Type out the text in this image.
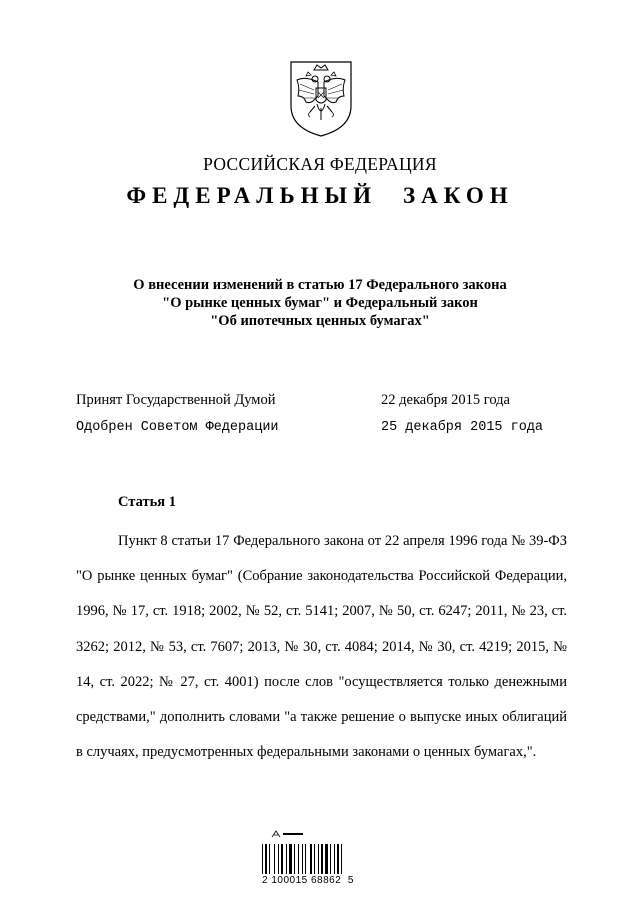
РОССИЙСКАЯ ФЕДЕРАЦИЯ
ФЕДЕРАЛЬНЫЙ ЗАКОН
О внесении изменений в статью 17 Федерального закона
"О рынке ценных бумаг" и Федеральный закон
"Об ипотечных ценных бумагах"
Принят Государственной Думой	22 декабря 2015 года
Одобрен Советом Федерации	25 декабря 2015 года
Статья 1

Пункт 8 статьи 17 Федерального закона от 22 апреля 1996 года № 39-ФЗ "О рынке ценных бумаг" (Собрание законодательства Российской Федерации, 1996, № 17, ст. 1918; 2002, № 52, ст. 5141; 2007, № 50, ст. 6247; 2011, № 23, ст. 3262; 2012, № 53, ст. 7607; 2013, № 30, ст. 4084; 2014, № 30, ст. 4219; 2015, № 14, ст. 2022; № 27, ст. 4001) после слов "осуществляется только денежными средствами," дополнить словами "а также решение о выпуске иных облигаций в случаях, предусмотренных федеральными законами о ценных бумагах,".

2 100015 68862  5
